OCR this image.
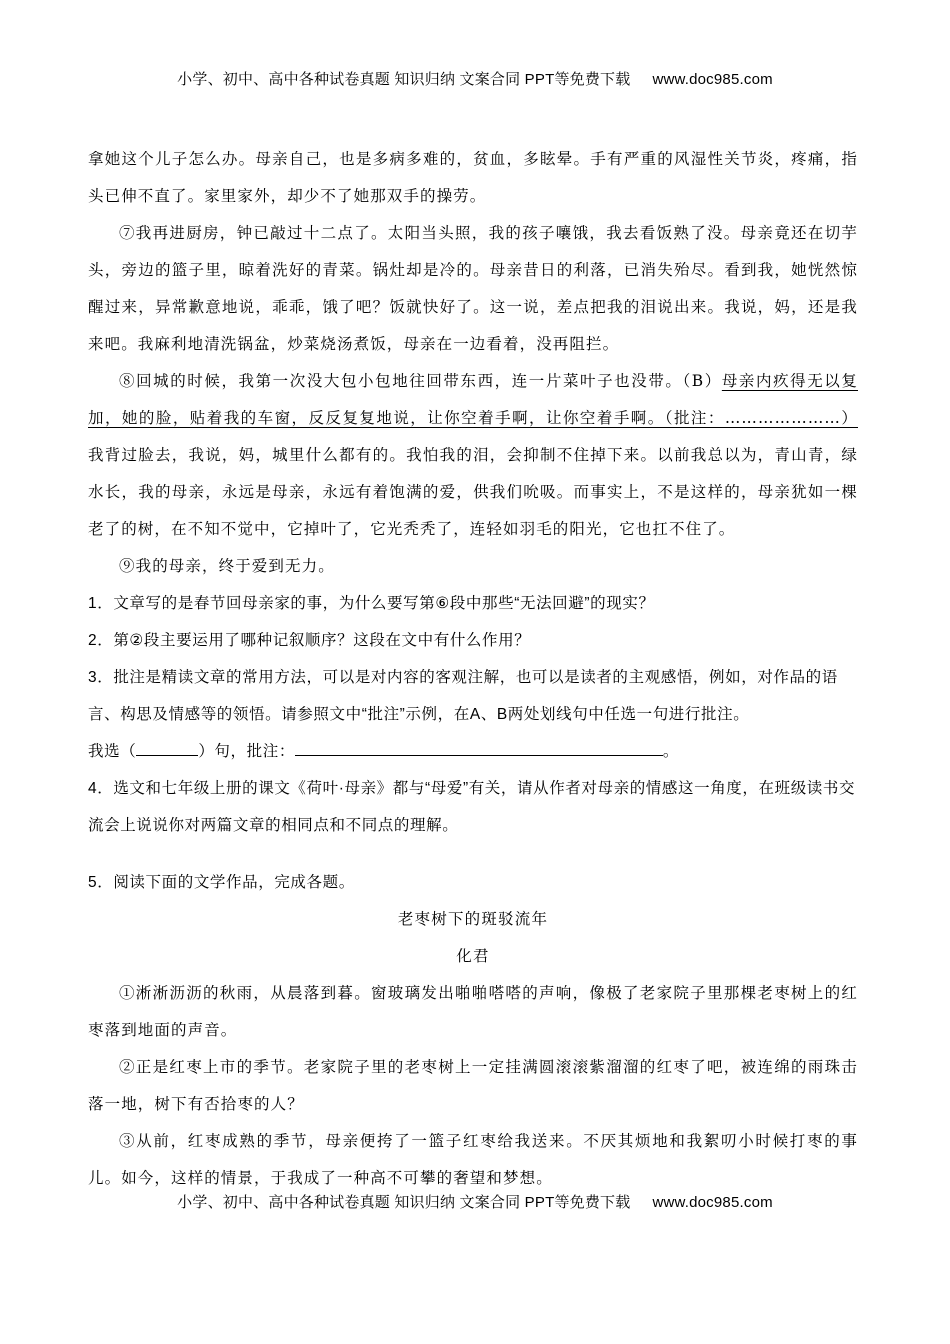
小学、初中、高中各种试卷真题 知识归纳 文案合同 PPT等免费下载 www.doc985.com

拿她这个儿子怎么办。母亲自己，也是多病多难的，贫血，多眩晕。手有严重的风湿性关节炎，疼痛，指头已伸不直了。家里家外，却少不了她那双手的操劳。

⑦我再进厨房，钟已敲过十二点了。太阳当头照，我的孩子嚷饿，我去看饭熟了没。母亲竟还在切芋头，旁边的篮子里，晾着洗好的青菜。锅灶却是冷的。母亲昔日的利落，已消失殆尽。看到我，她恍然惊醒过来，异常歉意地说，乖乖，饿了吧？饭就快好了。这一说，差点把我的泪说出来。我说，妈，还是我来吧。我麻利地清洗锅盆，炒菜烧汤煮饭，母亲在一边看着，没再阻拦。

⑧回城的时候，我第一次没大包小包地往回带东西，连一片菜叶子也没带。（B）母亲内疚得无以复加，她的脸，贴着我的车窗，反反复复地说，让你空着手啊，让你空着手啊。（批注：…………………）我背过脸去，我说，妈，城里什么都有的。我怕我的泪，会抑制不住掉下来。以前我总以为，青山青，绿水长，我的母亲，永远是母亲，永远有着饱满的爱，供我们吮吸。而事实上，不是这样的，母亲犹如一棵老了的树，在不知不觉中，它掉叶了，它光秃秃了，连轻如羽毛的阳光，它也扛不住了。

⑨我的母亲，终于爱到无力。

1．文章写的是春节回母亲家的事，为什么要写第⑥段中那些“无法回避”的现实？

2．第②段主要运用了哪种记叙顺序？这段在文中有什么作用？

3．批注是精读文章的常用方法，可以是对内容的客观注解，也可以是读者的主观感悟，例如，对作品的语言、构思及情感等的领悟。请参照文中“批注”示例，在A、B两处划线句中任选一句进行批注。

我选（	）句，批注：	。

4．选文和七年级上册的课文《荷叶·母亲》都与“母爱”有关，请从作者对母亲的情感这一角度，在班级读书交流会上说说你对两篇文章的相同点和不同点的理解。

5．阅读下面的文学作品，完成各题。

老枣树下的斑驳流年

化君

①淅淅沥沥的秋雨，从晨落到暮。窗玻璃发出啪啪嗒嗒的声响，像极了老家院子里那棵老枣树上的红枣落到地面的声音。

②正是红枣上市的季节。老家院子里的老枣树上一定挂满圆滚滚紫溜溜的红枣了吧，被连绵的雨珠击落一地，树下有否拾枣的人？

③从前，红枣成熟的季节，母亲便挎了一篮子红枣给我送来。不厌其烦地和我絮叨小时候打枣的事儿。如今，这样的情景，于我成了一种高不可攀的奢望和梦想。

小学、初中、高中各种试卷真题 知识归纳 文案合同 PPT等免费下载 www.doc985.com
